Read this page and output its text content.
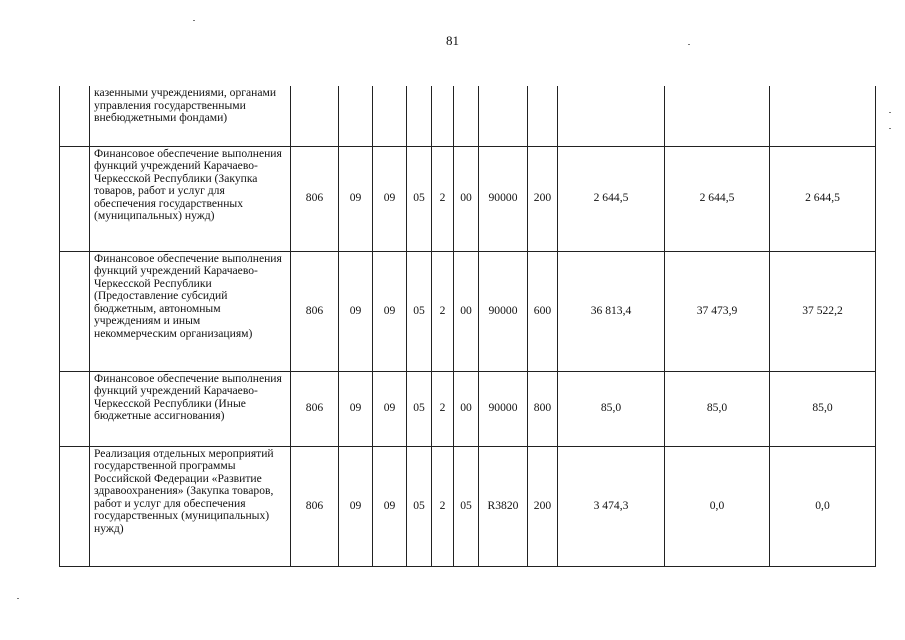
81
	казенными учреждениями, органами управления государственными внебюджетными фондами)											
	Финансовое обеспечение выполнения функций учреждений Карачаево-Черкесской Республики (Закупка товаров, работ и услуг для обеспечения государственных (муниципальных) нужд)	806	09	09	05	2	00	90000	200	2 644,5	2 644,5	2 644,5
	Финансовое обеспечение выполнения функций учреждений Карачаево-Черкесской Республики (Предоставление субсидий бюджетным, автономным учреждениям и иным некоммерческим организациям)	806	09	09	05	2	00	90000	600	36 813,4	37 473,9	37 522,2
	Финансовое обеспечение выполнения функций учреждений Карачаево-Черкесской Республики (Иные бюджетные ассигнования)	806	09	09	05	2	00	90000	800	85,0	85,0	85,0
	Реализация отдельных мероприятий государственной программы Российской Федерации «Развитие здравоохранения» (Закупка товаров, работ и услуг для обеспечения государственных (муниципальных) нужд)	806	09	09	05	2	05	R3820	200	3 474,3	0,0	0,0
